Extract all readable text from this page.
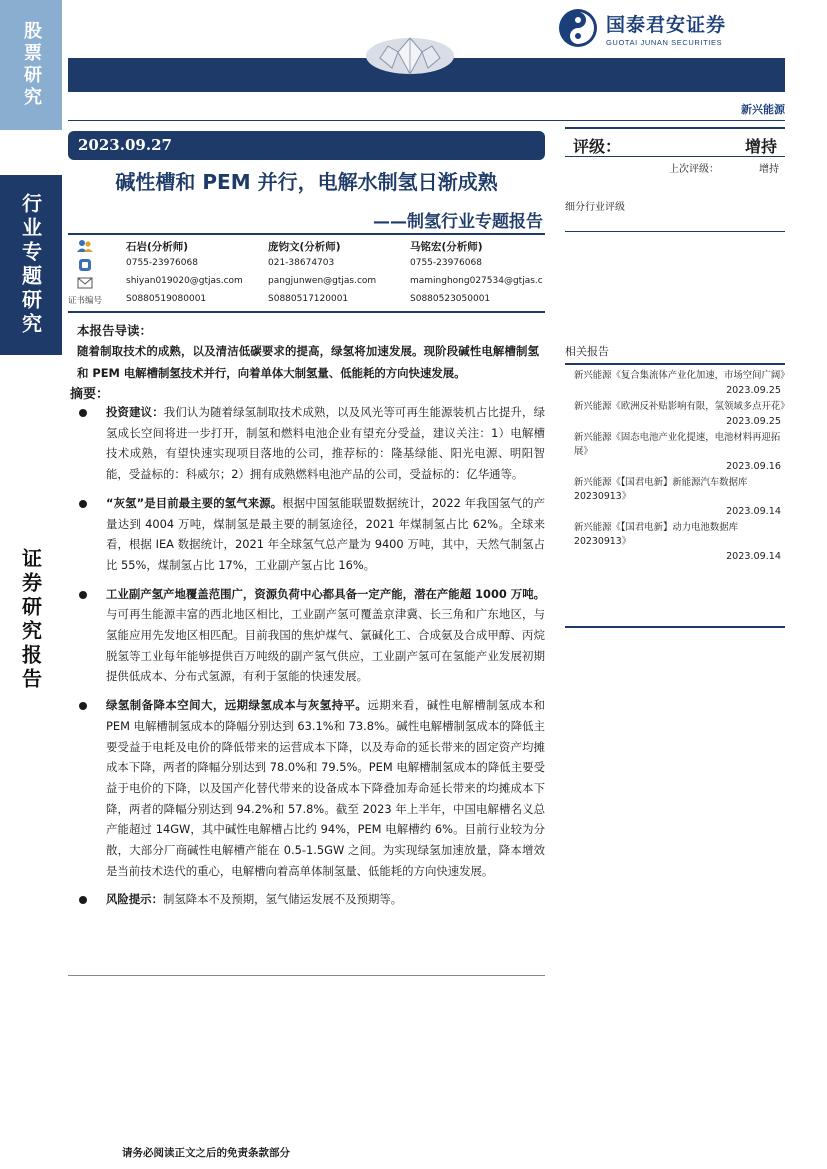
股票研究
行业专题研究
证券研究报告
国泰君安证券
GUOTAI JUNAN SECURITIES
新兴能源
2023.09.27
碱性槽和 PEM 并行，电解水制氢日渐成熟
——制氢行业专题报告
石岩(分析师)	庞钧文(分析师)	马铭宏(分析师)
0755-23976068	021-38674703	0755-23976068
shiyan019020@gtjas.com	pangjunwen@gtjas.com	maminghong027534@gtjas.c
证书编号	S0880519080001	S0880517120001	S0880523050001
本报告导读：
随着制取技术的成熟，以及清洁低碳要求的提高，绿氢将加速发展。现阶段碱性电解槽制氢和 PEM 电解槽制氢技术并行，向着单体大制氢量、低能耗的方向快速发展。
摘要：
投资建议：我们认为随着绿氢制取技术成熟，以及风光等可再生能源装机占比提升，绿氢成长空间将进一步打开，制氢和燃料电池企业有望充分受益，建议关注：1）电解槽技术成熟，有望快速实现项目落地的公司，推荐标的：隆基绿能、阳光电源、明阳智能，受益标的：科威尔；2）拥有成熟燃料电池产品的公司，受益标的：亿华通等。
“灰氢”是目前最主要的氢气来源。根据中国氢能联盟数据统计，2022 年我国氢气的产量达到 4004 万吨，煤制氢是最主要的制氢途径，2021 年煤制氢占比 62%。全球来看，根据 IEA 数据统计，2021 年全球氢气总产量为 9400 万吨，其中，天然气制氢占比 55%，煤制氢占比 17%，工业副产氢占比 16%。
工业副产氢产地覆盖范围广，资源负荷中心都具备一定产能，潜在产能超 1000 万吨。与可再生能源丰富的西北地区相比，工业副产氢可覆盖京津冀、长三角和广东地区，与氢能应用先发地区相匹配。目前我国的焦炉煤气、氯碱化工、合成氨及合成甲醇、丙烷脱氢等工业每年能够提供百万吨级的副产氢气供应，工业副产氢可在氢能产业发展初期提供低成本、分布式氢源，有利于氢能的快速发展。
绿氢制备降本空间大，远期绿氢成本与灰氢持平。远期来看，碱性电解槽制氢成本和 PEM 电解槽制氢成本的降幅分别达到 63.1%和 73.8%。碱性电解槽制氢成本的降低主要受益于电耗及电价的降低带来的运营成本下降，以及寿命的延长带来的固定资产均摊成本下降，两者的降幅分别达到 78.0%和 79.5%。PEM 电解槽制氢成本的降低主要受益于电价的下降，以及国产化替代带来的设备成本下降叠加寿命延长带来的均摊成本下降，两者的降幅分别达到 94.2%和 57.8%。截至 2023 年上半年，中国电解槽名义总产能超过 14GW，其中碱性电解槽占比约 94%，PEM 电解槽约 6%。目前行业较为分散，大部分厂商碱性电解槽产能在 0.5-1.5GW 之间。为实现绿氢加速放量，降本增效是当前技术迭代的重心，电解槽向着高单体制氢量、低能耗的方向快速发展。
风险提示：制氢降本不及预期，氢气储运发展不及预期等。
评级：	增持
上次评级：	增持
细分行业评级
相关报告
新兴能源《复合集流体产业化加速，市场空间广阔》
2023.09.25
新兴能源《欧洲反补贴影响有限，氢领域多点开花》
2023.09.25
新兴能源《固态电池产业化提速，电池材料再迎拓展》
2023.09.16
新兴能源《【国君电新】新能源汽车数据库 20230913》
2023.09.14
新兴能源《【国君电新】动力电池数据库 20230913》
2023.09.14
请务必阅读正文之后的免责条款部分
